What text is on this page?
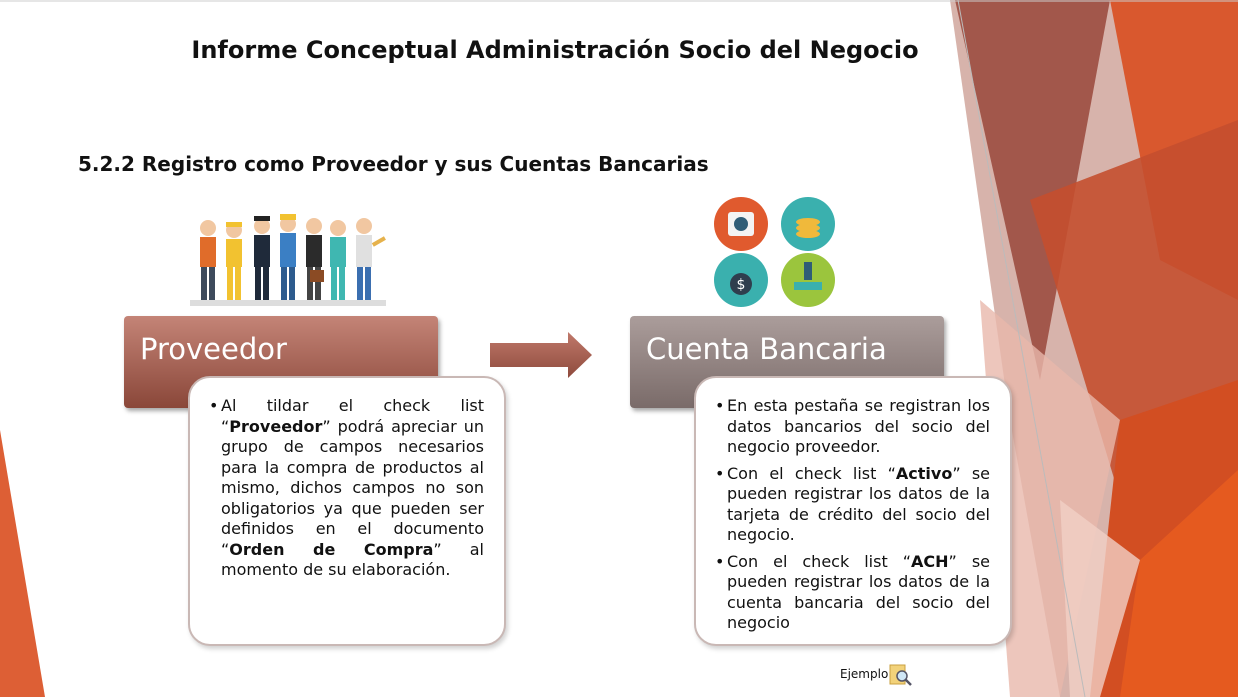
Informe Conceptual Administración Socio del Negocio
5.2.2 Registro como Proveedor y sus Cuentas Bancarias
$
Proveedor

• Al tildar el check list “Proveedor” podrá apreciar un grupo de campos necesarios para la compra de productos al mismo, dichos campos no son obligatorios ya que pueden ser definidos en el documento “Orden de Compra” al momento de su elaboración.

Cuenta Bancaria

• En esta pestaña se registran los datos bancarios del socio del negocio proveedor.

• Con el check list “Activo” se pueden registrar los datos de la tarjeta de crédito del socio del negocio.

• Con el check list “ACH” se pueden registrar los datos de la cuenta bancaria del socio del negocio

Ejemplo
